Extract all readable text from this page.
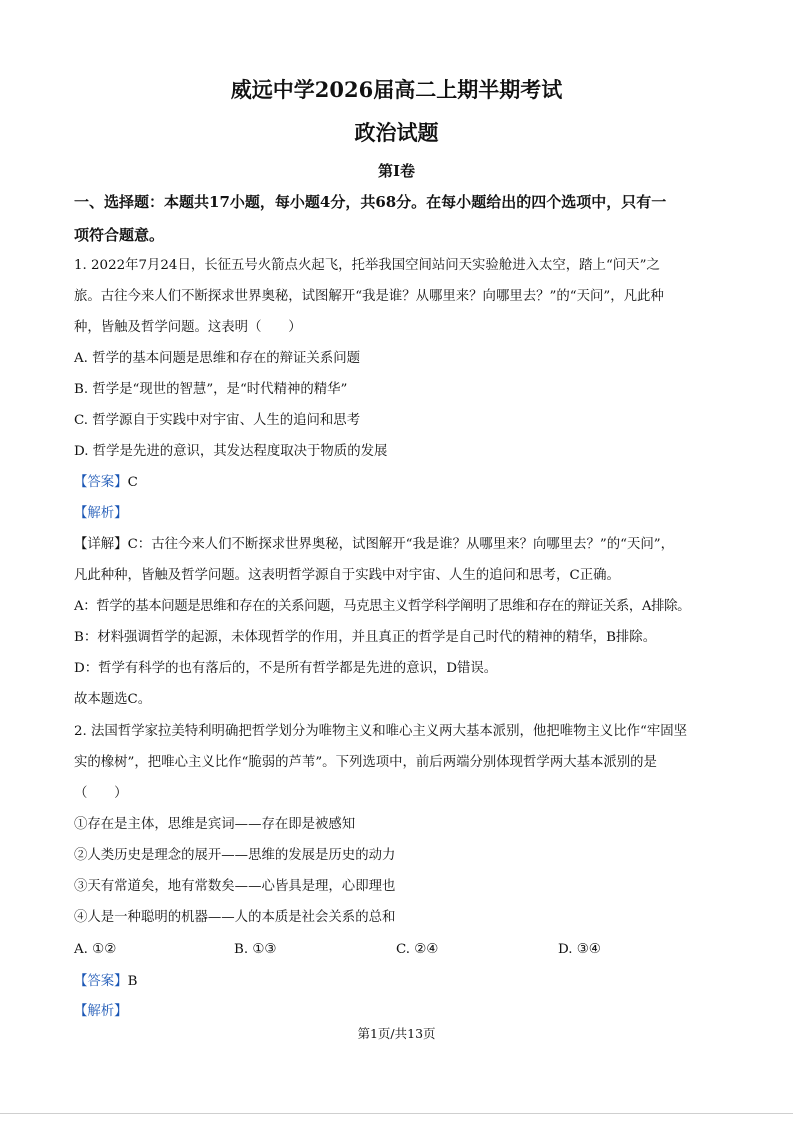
威远中学2026届高二上期半期考试
政治试题
第I卷
一、选择题：本题共17小题，每小题4分，共68分。在每小题给出的四个选项中，只有一
项符合题意。
1. 2022年7月24日，长征五号火箭点火起飞，托举我国空间站问天实验舱进入太空，踏上“问天”之
旅。古往今来人们不断探求世界奥秘，试图解开“我是谁？从哪里来？向哪里去？”的“天问”，凡此种
种，皆触及哲学问题。这表明（　　）
A. 哲学的基本问题是思维和存在的辩证关系问题
B. 哲学是“现世的智慧”，是“时代精神的精华”
C. 哲学源自于实践中对宇宙、人生的追问和思考
D. 哲学是先进的意识，其发达程度取决于物质的发展
【答案】C
【解析】
【详解】C：古往今来人们不断探求世界奥秘，试图解开“我是谁？从哪里来？向哪里去？”的“天问”，
凡此种种，皆触及哲学问题。这表明哲学源自于实践中对宇宙、人生的追问和思考，C正确。
A：哲学的基本问题是思维和存在的关系问题，马克思主义哲学科学阐明了思维和存在的辩证关系，A排除。
B：材料强调哲学的起源，未体现哲学的作用，并且真正的哲学是自己时代的精神的精华，B排除。
D：哲学有科学的也有落后的，不是所有哲学都是先进的意识，D错误。
故本题选C。
2. 法国哲学家拉美特利明确把哲学划分为唯物主义和唯心主义两大基本派别，他把唯物主义比作“牢固坚
实的橡树”，把唯心主义比作“脆弱的芦苇”。下列选项中，前后两端分别体现哲学两大基本派别的是
（　　）
①存在是主体，思维是宾词——存在即是被感知
②人类历史是理念的展开——思维的发展是历史的动力
③天有常道矣，地有常数矣——心皆具是理，心即理也
④人是一种聪明的机器——人的本质是社会关系的总和
A. ①②	B. ①③	C. ②④	D. ③④
【答案】B
【解析】
第1页/共13页
